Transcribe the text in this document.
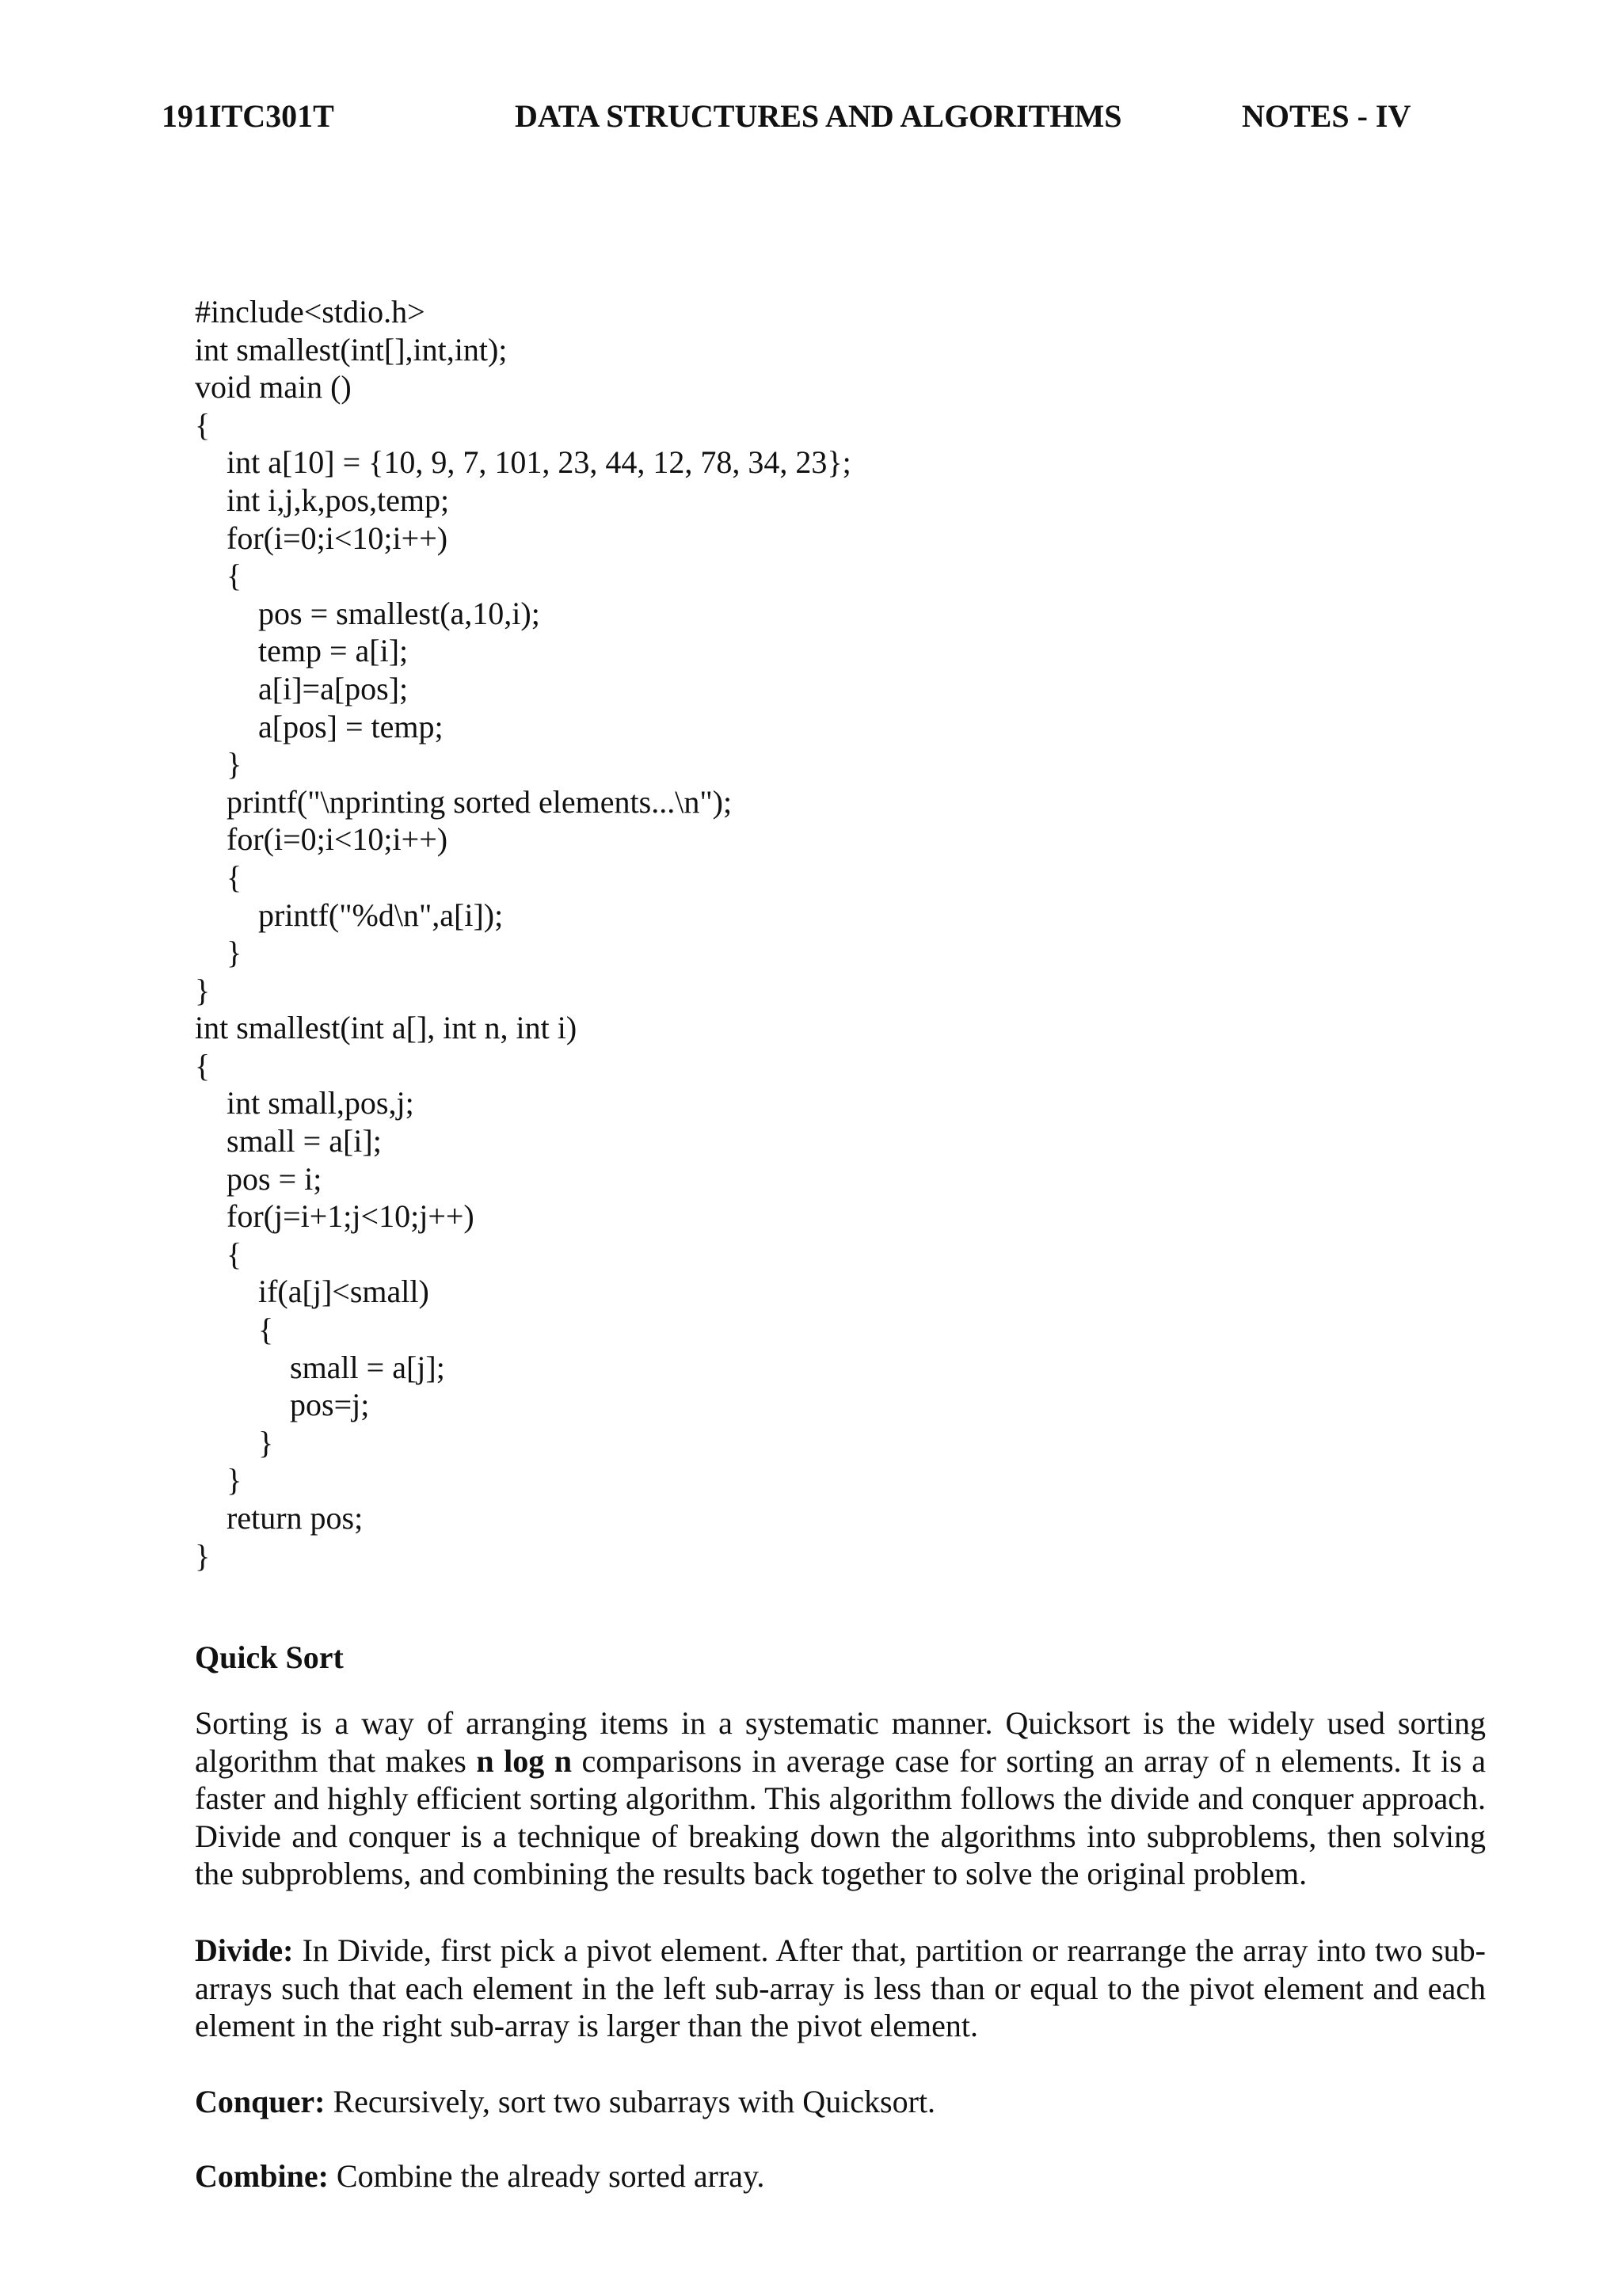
191ITC301T	DATA STRUCTURES AND ALGORITHMS	NOTES - IV
#include<stdio.h>
int smallest(int[],int,int);
void main ()
{
int a[10] = {10, 9, 7, 101, 23, 44, 12, 78, 34, 23};
int i,j,k,pos,temp;
for(i=0;i<10;i++)
{
pos = smallest(a,10,i);
temp = a[i];
a[i]=a[pos];
a[pos] = temp;
}
printf("\nprinting sorted elements...\n");
for(i=0;i<10;i++)
{
printf("%d\n",a[i]);
}
}
int smallest(int a[], int n, int i)
{
int small,pos,j;
small = a[i];
pos = i;
for(j=i+1;j<10;j++)
{
if(a[j]<small)
{
small = a[j];
pos=j;
}
}
return pos;
}
Quick Sort
Sorting is a way of arranging items in a systematic manner. Quicksort is the widely used sorting algorithm that makes n log n comparisons in average case for sorting an array of n elements. It is a faster and highly efficient sorting algorithm. This algorithm follows the divide and conquer approach. Divide and conquer is a technique of breaking down the algorithms into subproblems, then solving the subproblems, and combining the results back together to solve the original problem.
Divide: In Divide, first pick a pivot element. After that, partition or rearrange the array into two sub-arrays such that each element in the left sub-array is less than or equal to the pivot element and each element in the right sub-array is larger than the pivot element.
Conquer: Recursively, sort two subarrays with Quicksort.
Combine: Combine the already sorted array.
